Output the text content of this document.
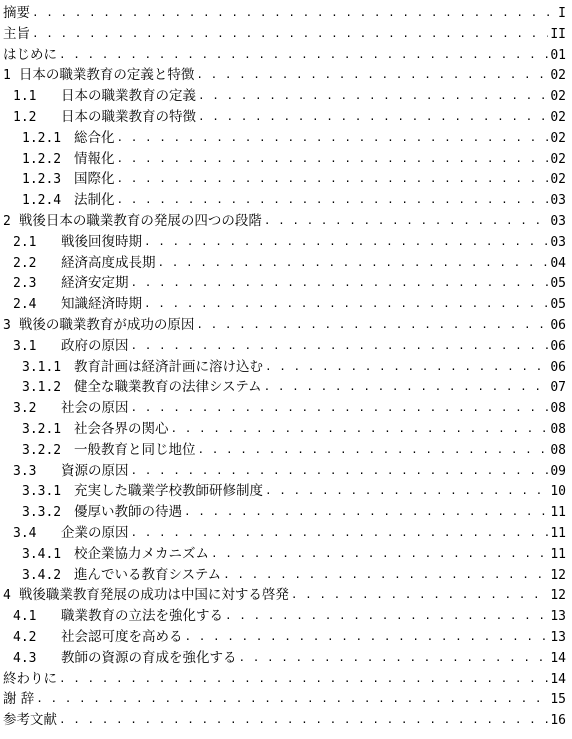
摘要 . . .	I
主旨 . . .	II
はじめに . . .	01
1 日本の職業教育の定義と特徴 . . .	02
1.1	日本の職業教育の定義 . . .	02
1.2	日本の職業教育の特徴 . . .	02
1.2.1 総合化 . . .	02
1.2.2 情報化 . . .	02
1.2.3 国際化 . . .	02
1.2.4 法制化 . . .	03
2 戦後日本の職業教育の発展の四つの段階 . . .	03
2.1	戦後回復時期 . . .	03
2.2	経済高度成長期 . . .	04
2.3	経済安定期 . . .	05
2.4	知識経済時期 . . .	05
3 戦後の職業教育が成功の原因 . . .	06
3.1	政府の原因 . . .	06
3.1.1 教育計画は経済計画に溶け込む . . .	06
3.1.2 健全な職業教育の法律システム . . .	07
3.2	社会の原因 . . .	08
3.2.1 社会各界の関心 . . .	08
3.2.2 一般教育と同じ地位 . . .	08
3.3	資源の原因 . . .	09
3.3.1 充実した職業学校教師研修制度 . . .	10
3.3.2 優厚い教師の待遇 . . .	11
3.4	企業の原因 . . .	11
3.4.1 校企業協力メカニズム . . .	11
3.4.2 進んでいる教育システム . . .	12
4 戦後職業教育発展の成功は中国に対する啓発 . . .	12
4.1	職業教育の立法を強化する . . .	13
4.2	社会認可度を高める . . .	13
4.3	教師の資源の育成を強化する . . .	14
終わりに . . .	14
謝 辞 . . .	15
参考文献 . . .	16
